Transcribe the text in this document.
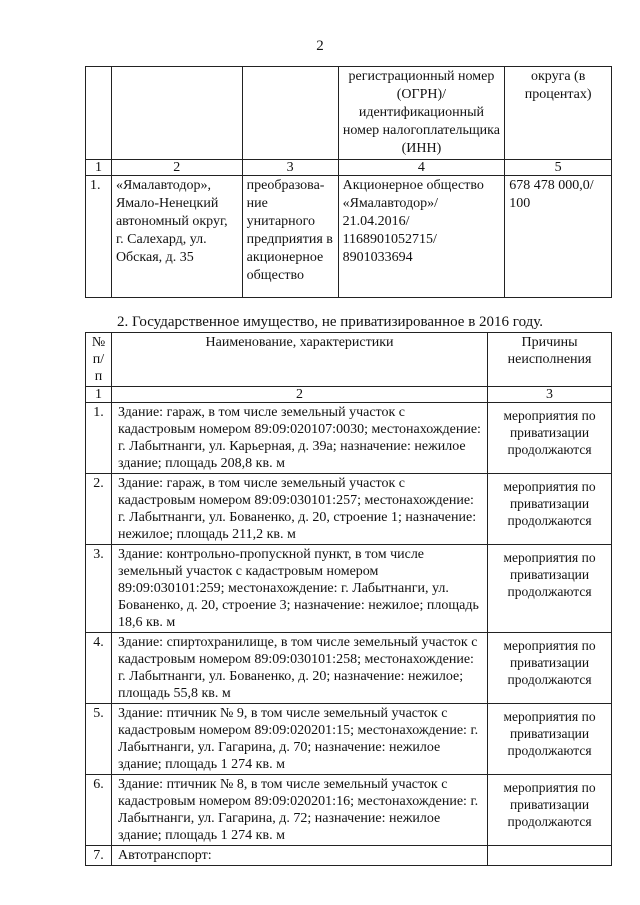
2
			регистрационный номер (ОГРН)/ идентификационный номер налогоплательщика (ИНН)	округа (в процентах)
1	2	3	4	5
1.	«Ямалавтодор», Ямало-Ненецкий автономный округ, г. Салехард, ул. Обская, д. 35	преобразова-ние унитарного предприятия в акционерное общество	Акционерное общество «Ямалавтодор»/ 21.04.2016/ 1168901052715/ 8901033694	678 478 000,0/ 100
2. Государственное имущество, не приватизированное в 2016 году.
№ п/п	Наименование, характеристики	Причины неисполнения
1	2	3
1.	Здание: гараж, в том числе земельный участок с кадастровым номером 89:09:020107:0030; местонахождение: г. Лабытнанги, ул. Карьерная, д. 39а; назначение: нежилое здание; площадь 208,8 кв. м	мероприятия по приватизации продолжаются
2.	Здание: гараж, в том числе земельный участок с кадастровым номером 89:09:030101:257; местонахождение: г. Лабытнанги, ул. Бованенко, д. 20, строение 1; назначение: нежилое; площадь 211,2 кв. м	мероприятия по приватизации продолжаются
3.	Здание: контрольно-пропускной пункт, в том числе земельный участок с кадастровым номером 89:09:030101:259; местонахождение: г. Лабытнанги, ул. Бованенко, д. 20, строение 3; назначение: нежилое; площадь 18,6 кв. м	мероприятия по приватизации продолжаются
4.	Здание: спиртохранилище, в том числе земельный участок с кадастровым номером 89:09:030101:258; местонахождение: г. Лабытнанги, ул. Бованенко, д. 20; назначение: нежилое; площадь 55,8 кв. м	мероприятия по приватизации продолжаются
5.	Здание: птичник № 9, в том числе земельный участок с кадастровым номером 89:09:020201:15; местонахождение: г. Лабытнанги, ул. Гагарина, д. 70; назначение: нежилое здание; площадь 1 274 кв. м	мероприятия по приватизации продолжаются
6.	Здание: птичник № 8, в том числе земельный участок с кадастровым номером 89:09:020201:16; местонахождение: г. Лабытнанги, ул. Гагарина, д. 72; назначение: нежилое здание; площадь 1 274 кв. м	мероприятия по приватизации продолжаются
7.	Автотранспорт:	
